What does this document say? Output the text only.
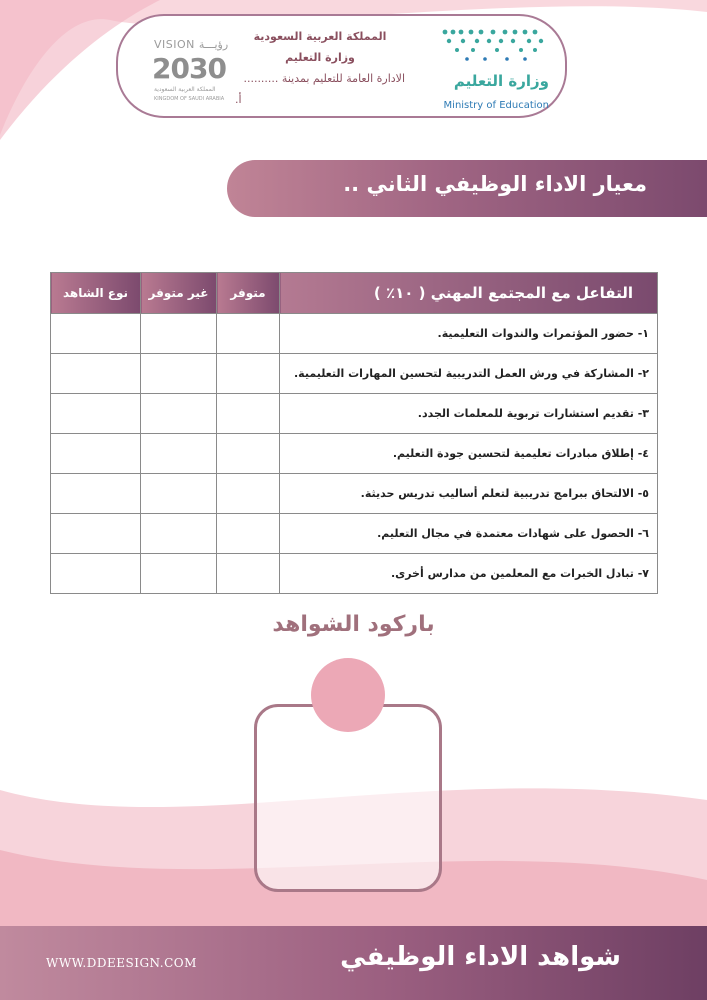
وزارة التعليم
Ministry of Education
المملكة العربية السعودية
وزارة التعليم
الادارة العامة للتعليم بمدينة ..........
أ.
VISION رؤيـــة
2030
المملكة العربية السعودية
KINGDOM OF SAUDI ARABIA
معيار الاداء الوظيفي الثاني ..
التفاعل مع المجتمع المهني ( ١٠٪ )	متوفر	غير متوفر	نوع الشاهد
١- حضور المؤتمرات والندوات التعليمية.			
٢- المشاركة في ورش العمل التدريبية لتحسين المهارات التعليمية.			
٣- تقديم استشارات تربوية للمعلمات الجدد.			
٤- إطلاق مبادرات تعليمية لتحسين جودة التعليم.			
٥- الالتحاق ببرامج تدريبية لتعلم أساليب تدريس حديثة.			
٦- الحصول على شهادات معتمدة في مجال التعليم.			
٧- تبادل الخبرات مع المعلمين من مدارس أخرى.			
باركود الشواهد
WWW.DDEESIGN.COM	شواهد الاداء الوظيفي
